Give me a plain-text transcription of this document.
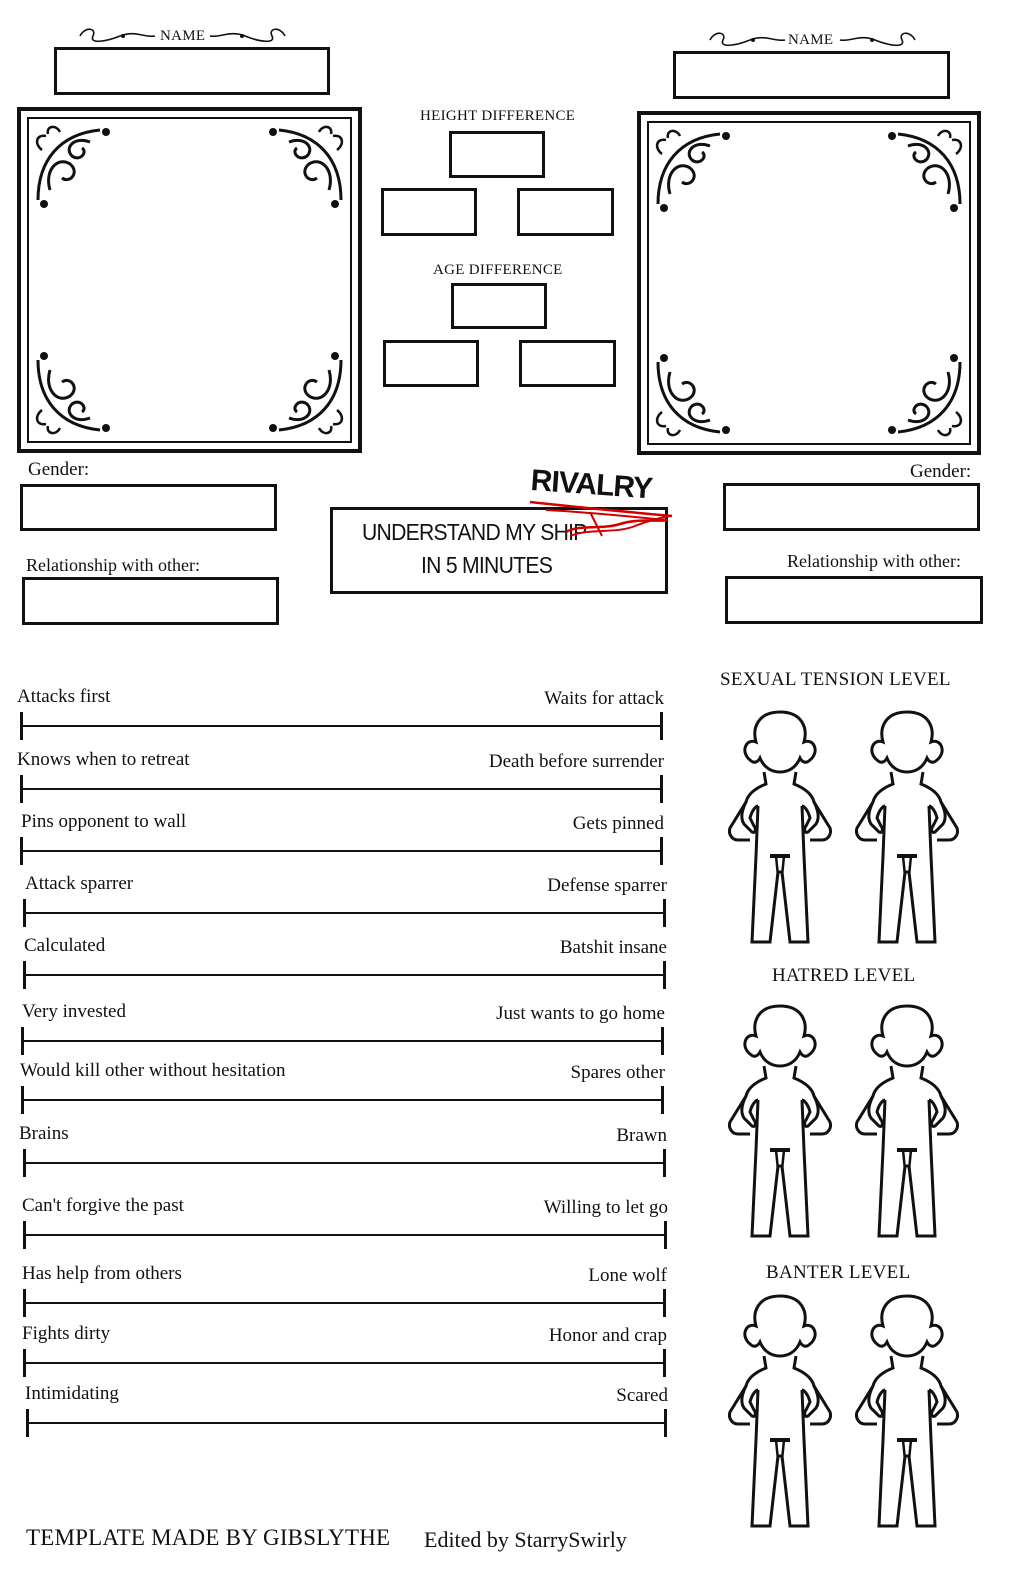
NAME	NAME
HEIGHT DIFFERENCE
AGE DIFFERENCE
Gender:
Relationship with other:
Gender:
Relationship with other:
UNDERSTAND MY SHIP
IN 5 MINUTES
RIVALRY
Attacks first	Waits for attack
Knows when to retreat	Death before surrender
Pins opponent to wall	Gets pinned
Attack sparrer	Defense sparrer
Calculated	Batshit insane
Very invested	Just wants to go home
Would kill other without hesitation	Spares other
Brains	Brawn
Can't forgive the past	Willing to let go
Has help from others	Lone wolf
Fights dirty	Honor and crap
Intimidating	Scared
SEXUAL TENSION LEVEL
HATRED LEVEL
BANTER LEVEL
TEMPLATE MADE BY GIBSLYTHE Edited by StarrySwirly
